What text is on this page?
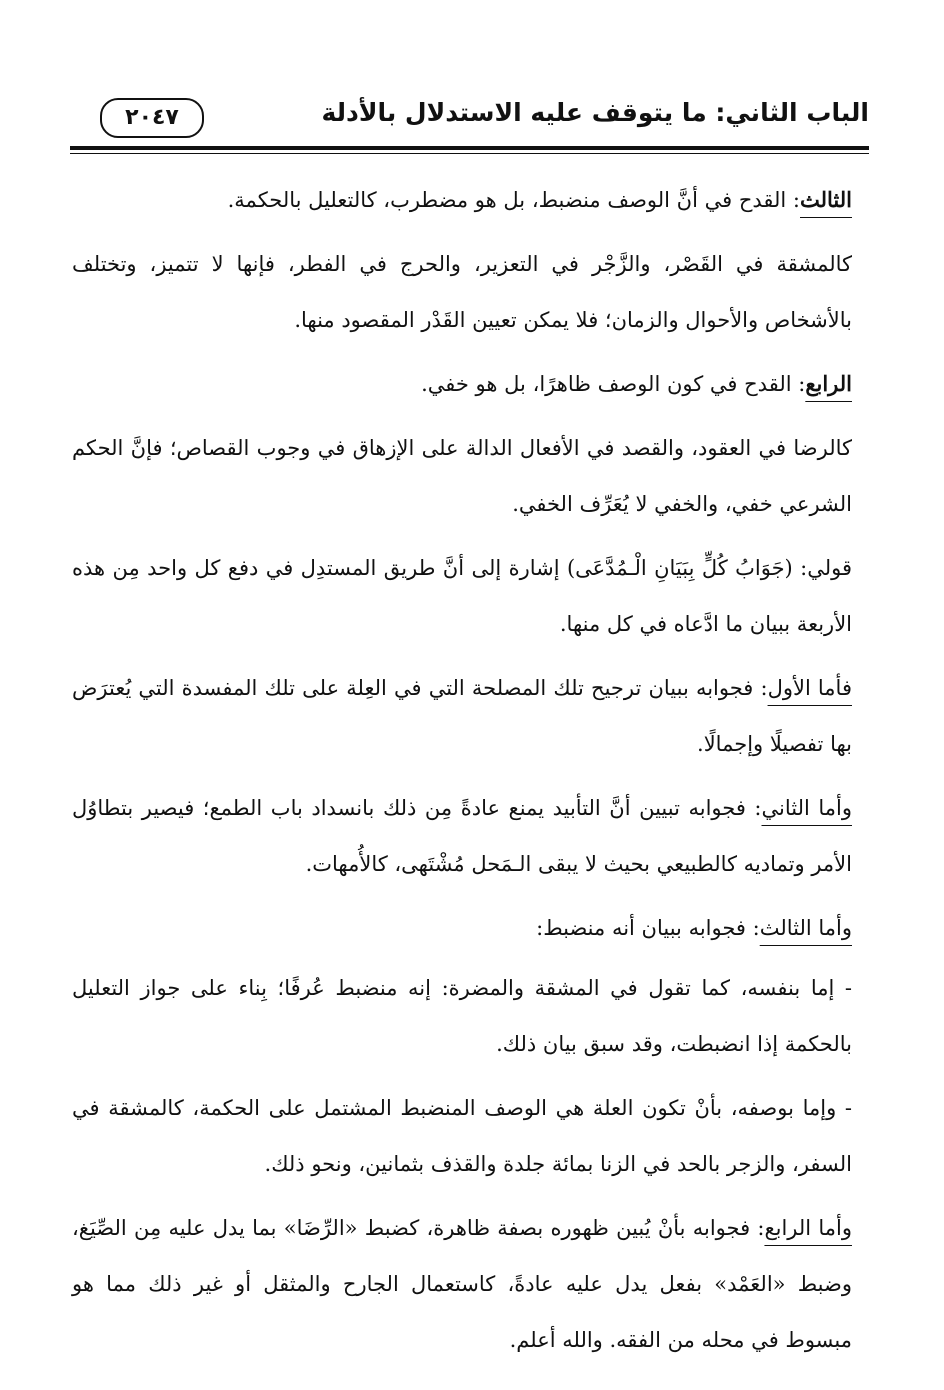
الباب الثاني: ما يتوقف عليه الاستدلال بالأدلة
٢٠٤٧

الثالث: القدح في أنَّ الوصف منضبط، بل هو مضطرب، كالتعليل بالحكمة.

كالمشقة في القَصْر، والزَّجْر في التعزير، والحرج في الفطر، فإنها لا تتميز، وتختلف بالأشخاص والأحوال والزمان؛ فلا يمكن تعيين القَدْر المقصود منها.

الرابع: القدح في كون الوصف ظاهرًا، بل هو خفي.

كالرضا في العقود، والقصد في الأفعال الدالة على الإزهاق في وجوب القصاص؛ فإنَّ الحكم الشرعي خفي، والخفي لا يُعَرِّف الخفي.

قولي: (جَوَابُ كُلٍّ بِبَيَانِ الْـمُدَّعَى) إشارة إلى أنَّ طريق المستدِل في دفع كل واحد مِن هذه الأربعة ببيان ما ادَّعاه في كل منها.

فأما الأول: فجوابه ببيان ترجيح تلك المصلحة التي في العِلة على تلك المفسدة التي يُعترَض بها تفصيلًا وإجمالًا.

وأما الثاني: فجوابه تبيين أنَّ التأبيد يمنع عادةً مِن ذلك بانسداد باب الطمع؛ فيصير بتطاوُل الأمر وتماديه كالطبيعي بحيث لا يبقى الـمَحل مُشْتَهى، كالأُمهات.

وأما الثالث: فجوابه ببيان أنه منضبط:

- إما بنفسه، كما تقول في المشقة والمضرة: إنه منضبط عُرفًا؛ بِناء على جواز التعليل بالحكمة إذا انضبطت، وقد سبق بيان ذلك.

- وإما بوصفه، بأنْ تكون العلة هي الوصف المنضبط المشتمل على الحكمة، كالمشقة في السفر، والزجر بالحد في الزنا بمائة جلدة والقذف بثمانين، ونحو ذلك.

وأما الرابع: فجوابه بأنْ يُبين ظهوره بصفة ظاهرة، كضبط «الرِّضَا» بما يدل عليه مِن الصِّيَغ، وضبط «العَمْد» بفعل يدل عليه عادةً، كاستعمال الجارح والمثقل أو غير ذلك مما هو مبسوط في محله من الفقه. والله أعلم.
